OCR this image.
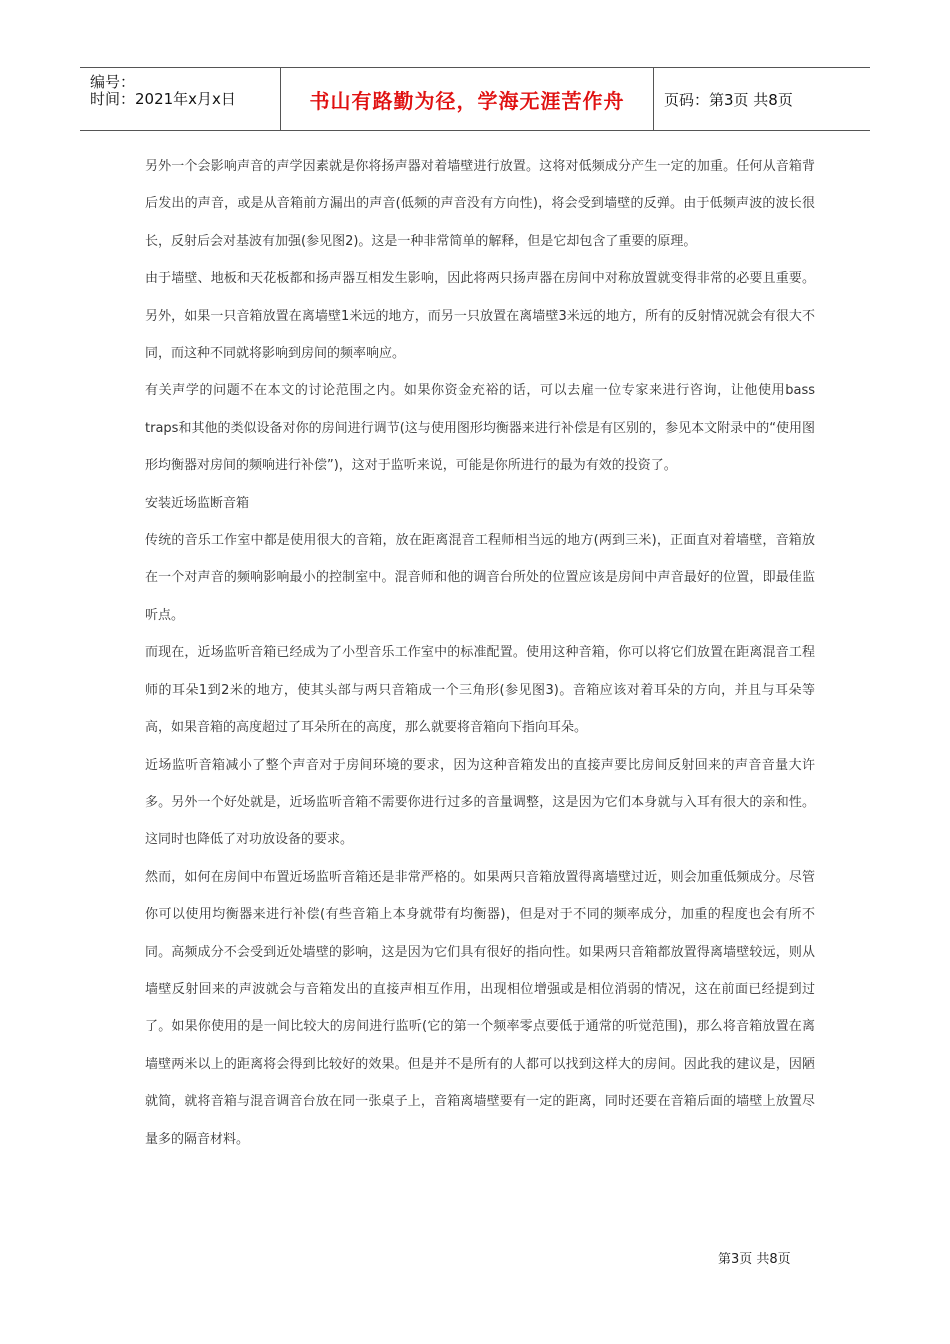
编号：
时间：2021年x月x日	书山有路勤为径，学海无涯苦作舟	页码：第3页 共8页

另外一个会影响声音的声学因素就是你将扬声器对着墙壁进行放置。这将对低频成分产生一定的加重。任何从音箱背后发出的声音，或是从音箱前方漏出的声音(低频的声音没有方向性)，将会受到墙壁的反弹。由于低频声波的波长很长，反射后会对基波有加强(参见图2)。这是一种非常简单的解释，但是它却包含了重要的原理。

由于墙壁、地板和天花板都和扬声器互相发生影响，因此将两只扬声器在房间中对称放置就变得非常的必要且重要。另外，如果一只音箱放置在离墙壁1米远的地方，而另一只放置在离墙壁3米远的地方，所有的反射情况就会有很大不同，而这种不同就将影响到房间的频率响应。

有关声学的问题不在本文的讨论范围之内。如果你资金充裕的话，可以去雇一位专家来进行咨询，让他使用bass traps和其他的类似设备对你的房间进行调节(这与使用图形均衡器来进行补偿是有区别的，参见本文附录中的“使用图形均衡器对房间的频响进行补偿”)，这对于监听来说，可能是你所进行的最为有效的投资了。

安装近场监断音箱

传统的音乐工作室中都是使用很大的音箱，放在距离混音工程师相当远的地方(两到三米)，正面直对着墙壁，音箱放在一个对声音的频响影响最小的控制室中。混音师和他的调音台所处的位置应该是房间中声音最好的位置，即最佳监听点。

而现在，近场监听音箱已经成为了小型音乐工作室中的标准配置。使用这种音箱，你可以将它们放置在距离混音工程师的耳朵1到2米的地方，使其头部与两只音箱成一个三角形(参见图3)。音箱应该对着耳朵的方向，并且与耳朵等高，如果音箱的高度超过了耳朵所在的高度，那么就要将音箱向下指向耳朵。

近场监听音箱减小了整个声音对于房间环境的要求，因为这种音箱发出的直接声要比房间反射回来的声音音量大许多。另外一个好处就是，近场监听音箱不需要你进行过多的音量调整，这是因为它们本身就与入耳有很大的亲和性。这同时也降低了对功放设备的要求。

然而，如何在房间中布置近场监听音箱还是非常严格的。如果两只音箱放置得离墙壁过近，则会加重低频成分。尽管你可以使用均衡器来进行补偿(有些音箱上本身就带有均衡器)，但是对于不同的频率成分，加重的程度也会有所不同。高频成分不会受到近处墙壁的影响，这是因为它们具有很好的指向性。如果两只音箱都放置得离墙壁较远，则从墙壁反射回来的声波就会与音箱发出的直接声相互作用，出现相位增强或是相位消弱的情况，这在前面已经提到过了。如果你使用的是一间比较大的房间进行监听(它的第一个频率零点要低于通常的听觉范围)，那么将音箱放置在离墙壁两米以上的距离将会得到比较好的效果。但是并不是所有的人都可以找到这样大的房间。因此我的建议是，因陋就简，就将音箱与混音调音台放在同一张桌子上，音箱离墙壁要有一定的距离，同时还要在音箱后面的墙壁上放置尽量多的隔音材料。

第3页 共8页
